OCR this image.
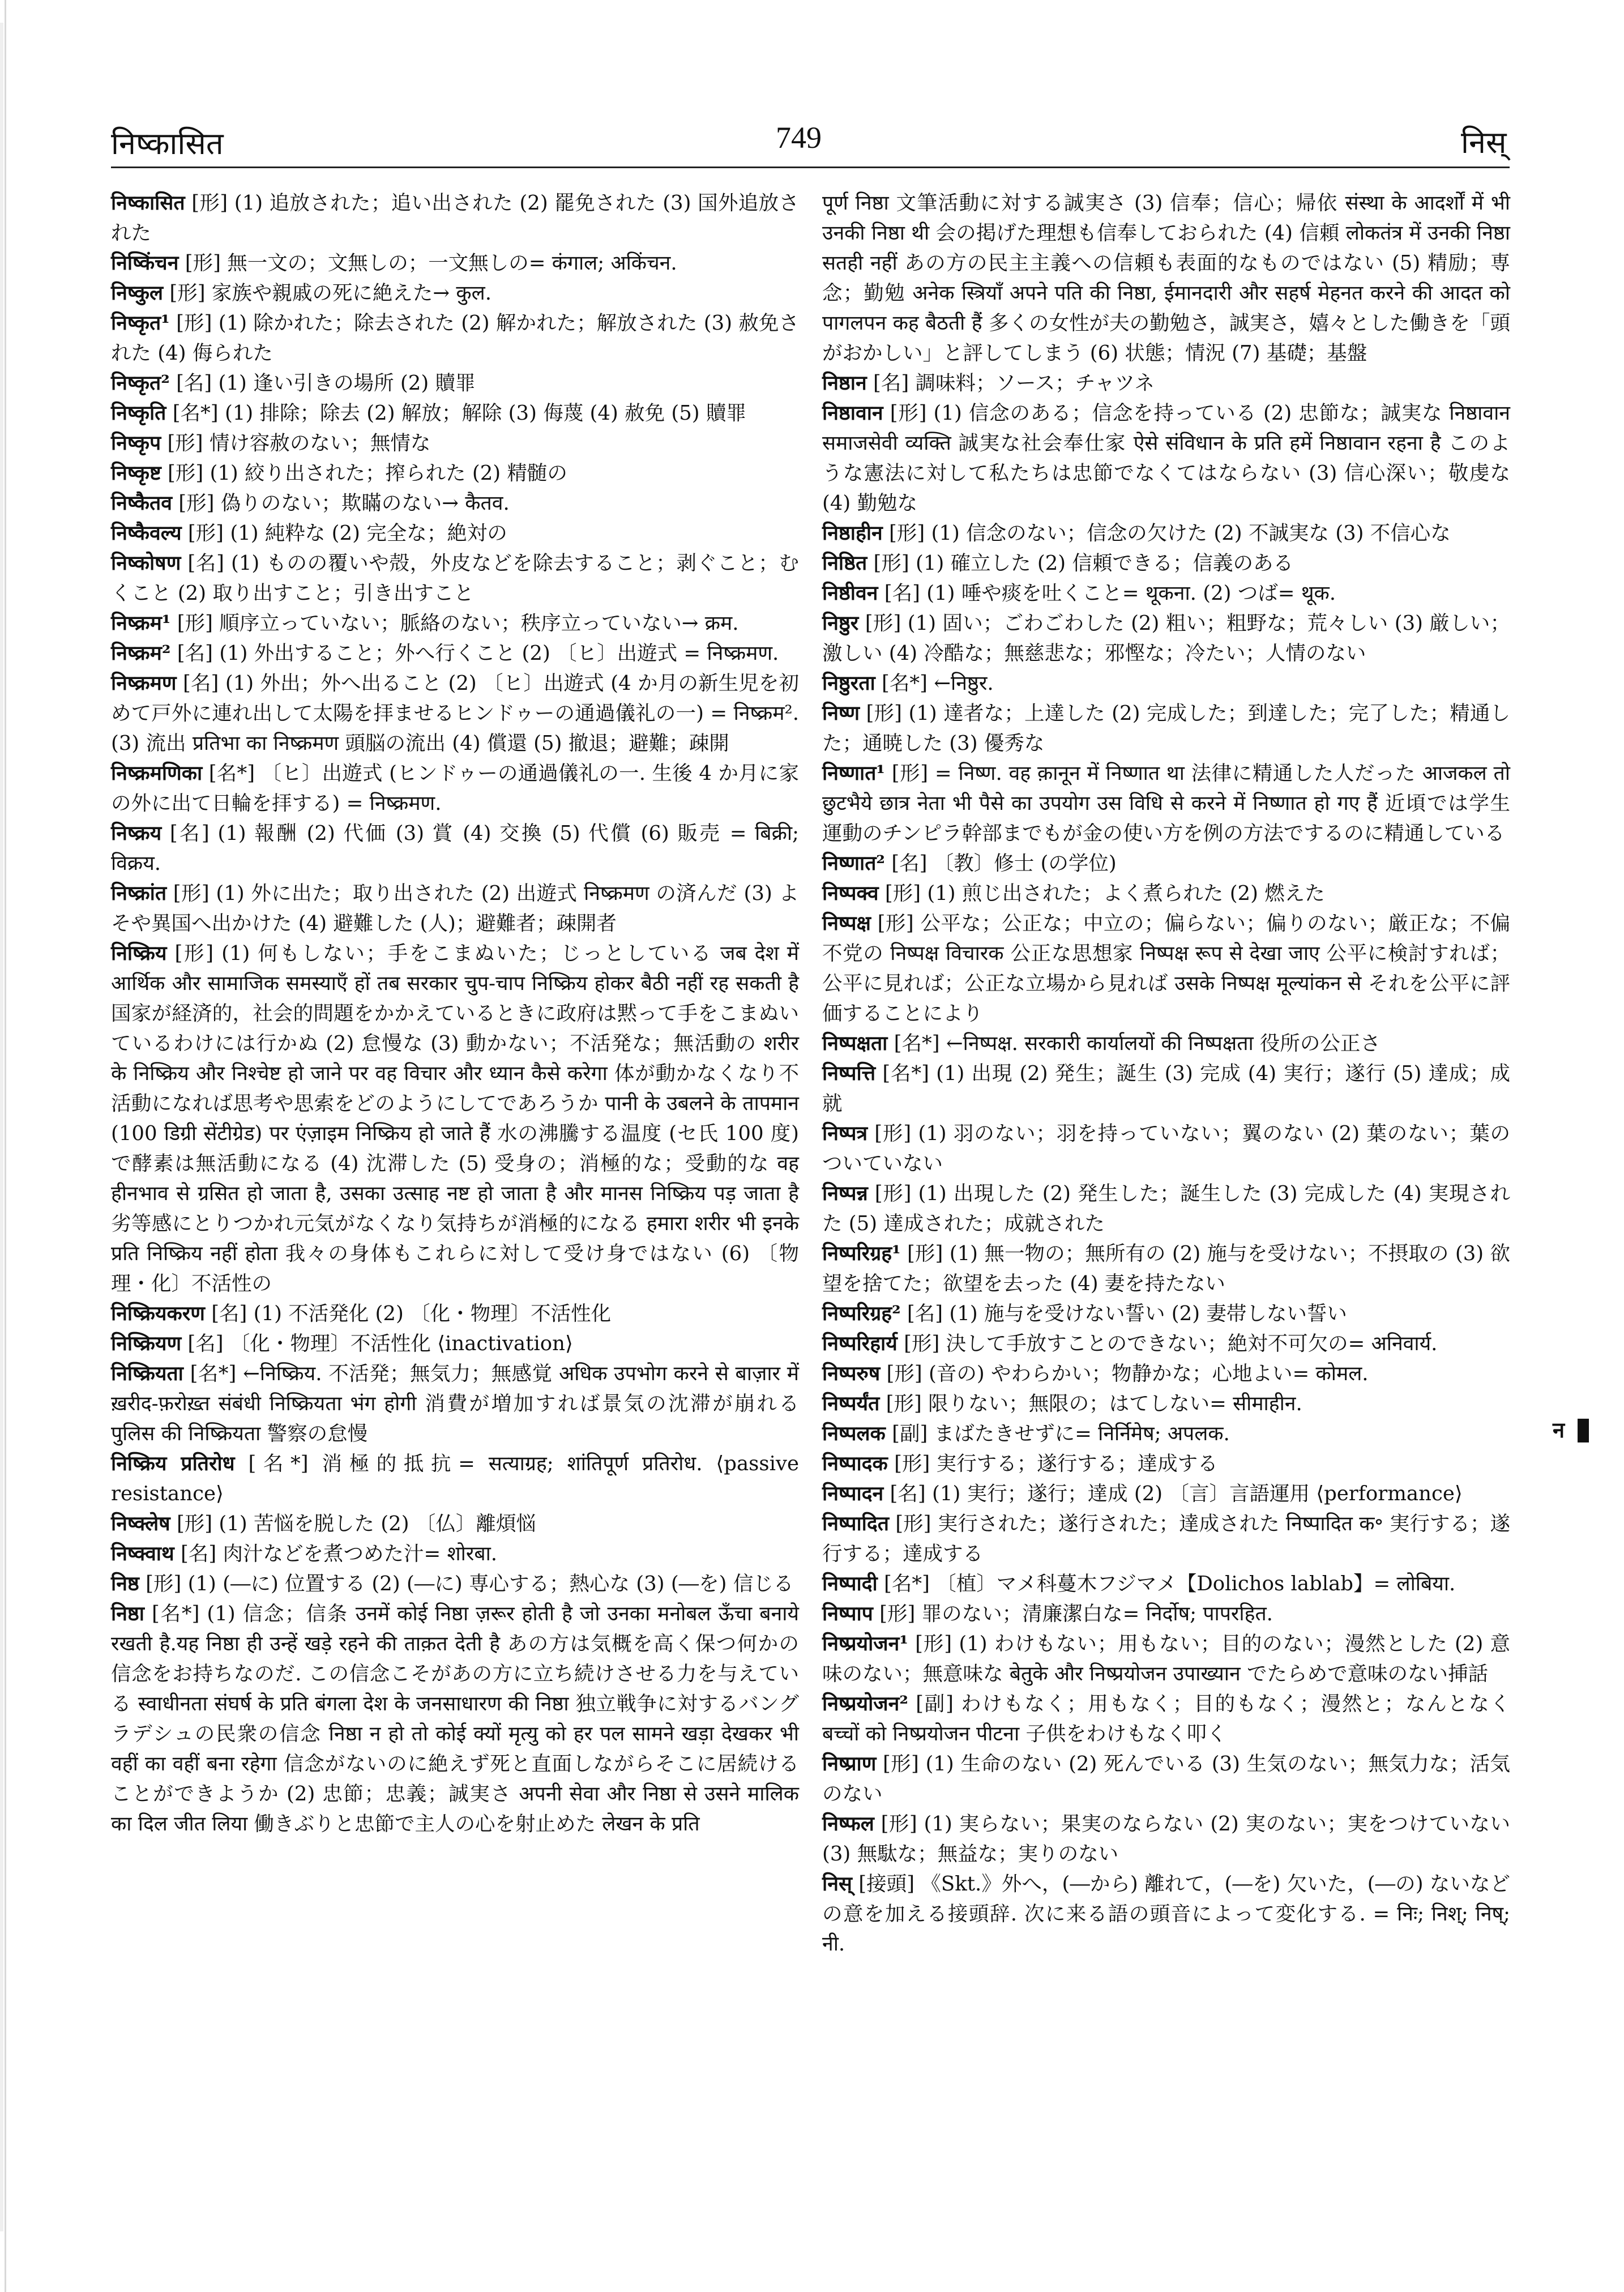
निष्कासित	749	निस्

निष्कासित [形] (1) 追放された；追い出された (2) 罷免された (3) 国外追放された

निष्किंचन [形] 無一文の；文無しの；一文無しの= कंगाल; अकिंचन.

निष्कुल [形] 家族や親戚の死に絶えた→ कुल.

निष्कृत¹ [形] (1) 除かれた；除去された (2) 解かれた；解放された (3) 赦免された (4) 侮られた

निष्कृत² [名] (1) 逢い引きの場所 (2) 贖罪

निष्कृति [名*] (1) 排除；除去 (2) 解放；解除 (3) 侮蔑 (4) 赦免 (5) 贖罪

निष्कृप [形] 情け容赦のない；無情な

निष्कृष्ट [形] (1) 絞り出された；搾られた (2) 精髄の

निष्कैतव [形] 偽りのない；欺瞞のない→ कैतव.

निष्कैवल्य [形] (1) 純粋な (2) 完全な；絶対の

निष्कोषण [名] (1) ものの覆いや殻，外皮などを除去すること；剥ぐこと；むくこと (2) 取り出すこと；引き出すこと

निष्क्रम¹ [形] 順序立っていない；脈絡のない；秩序立っていない→ क्रम.

निष्क्रम² [名] (1) 外出すること；外へ行くこと (2) 〔ヒ〕出遊式 = निष्क्रमण.

निष्क्रमण [名] (1) 外出；外へ出ること (2) 〔ヒ〕出遊式 (4 か月の新生児を初めて戸外に連れ出して太陽を拝ませるヒンドゥーの通過儀礼の一) = निष्क्रम². (3) 流出 प्रतिभा का निष्क्रमण 頭脳の流出 (4) 償還 (5) 撤退；避難；疎開

निष्क्रमणिका [名*] 〔ヒ〕出遊式 (ヒンドゥーの通過儀礼の一. 生後 4 か月に家の外に出て日輪を拝する) = निष्क्रमण.

निष्क्रय [名] (1) 報酬 (2) 代価 (3) 賞 (4) 交換 (5) 代償 (6) 販売 = बिक्री; विक्रय.

निष्क्रांत [形] (1) 外に出た；取り出された (2) 出遊式 निष्क्रमण の済んだ (3) よそや異国へ出かけた (4) 避難した (人)；避難者；疎開者

निष्क्रिय [形] (1) 何もしない；手をこまぬいた；じっとしている जब देश में आर्थिक और सामाजिक समस्याएँ हों तब सरकार चुप-चाप निष्क्रिय होकर बैठी नहीं रह सकती है 国家が経済的，社会的問題をかかえているときに政府は黙って手をこまぬいているわけには行かぬ (2) 怠慢な (3) 動かない；不活発な；無活動の शरीर के निष्क्रिय और निश्चेष्ट हो जाने पर वह विचार और ध्यान कैसे करेगा 体が動かなくなり不活動になれば思考や思索をどのようにしてであろうか पानी के उबलने के तापमान (100 डिग्री सेंटीग्रेड) पर एंज़ाइम निष्क्रिय हो जाते हैं 水の沸騰する温度 (セ氏 100 度) で酵素は無活動になる (4) 沈滞した (5) 受身の；消極的な；受動的な वह हीनभाव से ग्रसित हो जाता है, उसका उत्साह नष्ट हो जाता है और मानस निष्क्रिय पड़ जाता है 劣等感にとりつかれ元気がなくなり気持ちが消極的になる हमारा शरीर भी इनके प्रति निष्क्रिय नहीं होता 我々の身体もこれらに対して受け身ではない (6) 〔物理・化〕不活性の

निष्क्रियकरण [名] (1) 不活発化 (2) 〔化・物理〕不活性化

निष्क्रियण [名] 〔化・物理〕不活性化 ⟨inactivation⟩

निष्क्रियता [名*] ←निष्क्रिय. 不活発；無気力；無感覚 अधिक उपभोग करने से बाज़ार में ख़रीद-फ़रोख़्त संबंधी निष्क्रियता भंग होगी 消費が増加すれば景気の沈滞が崩れる पुलिस की निष्क्रियता 警察の怠慢

निष्क्रिय प्रतिरोध [名*] 消極的抵抗= सत्याग्रह; शांतिपूर्ण प्रतिरोध. ⟨passive resistance⟩

निष्क्लेष [形] (1) 苦悩を脱した (2) 〔仏〕離煩悩

निष्क्वाथ [名] 肉汁などを煮つめた汁= शोरबा.

निष्ठ [形] (1) (―に) 位置する (2) (―に) 専心する；熱心な (3) (―を) 信じる

निष्ठा [名*] (1) 信念；信条 उनमें कोई निष्ठा ज़रूर होती है जो उनका मनोबल ऊँचा बनाये रखती है.यह निष्ठा ही उन्हें खड़े रहने की ताक़त देती है あの方は気概を高く保つ何かの信念をお持ちなのだ. この信念こそがあの方に立ち続けさせる力を与えている स्वाधीनता संघर्ष के प्रति बंगला देश के जनसाधारण की निष्ठा 独立戦争に対するバングラデシュの民衆の信念 निष्ठा न हो तो कोई क्यों मृत्यु को हर पल सामने खड़ा देखकर भी वहीं का वहीं बना रहेगा 信念がないのに絶えず死と直面しながらそこに居続けることができようか (2) 忠節；忠義；誠実さ अपनी सेवा और निष्ठा से उसने मालिक का दिल जीत लिया 働きぶりと忠節で主人の心を射止めた लेखन के प्रति

पूर्ण निष्ठा 文筆活動に対する誠実さ (3) 信奉；信心；帰依 संस्था के आदर्शों में भी उनकी निष्ठा थी 会の掲げた理想も信奉しておられた (4) 信頼 लोकतंत्र में उनकी निष्ठा सतही नहीं あの方の民主主義への信頼も表面的なものではない (5) 精励；専念；勤勉 अनेक स्त्रियाँ अपने पति की निष्ठा, ईमानदारी और सहर्ष मेहनत करने की आदत को पागलपन कह बैठती हैं 多くの女性が夫の勤勉さ，誠実さ，嬉々とした働きを「頭がおかしい」と評してしまう (6) 状態；情況 (7) 基礎；基盤

निष्ठान [名] 調味料；ソース；チャツネ

निष्ठावान [形] (1) 信念のある；信念を持っている (2) 忠節な；誠実な निष्ठावान समाजसेवी व्यक्ति 誠実な社会奉仕家 ऐसे संविधान के प्रति हमें निष्ठावान रहना है このような憲法に対して私たちは忠節でなくてはならない (3) 信心深い；敬虔な (4) 勤勉な

निष्ठाहीन [形] (1) 信念のない；信念の欠けた (2) 不誠実な (3) 不信心な

निष्ठित [形] (1) 確立した (2) 信頼できる；信義のある

निष्ठीवन [名] (1) 唾や痰を吐くこと= थूकना. (2) つば= थूक.

निष्ठुर [形] (1) 固い；ごわごわした (2) 粗い；粗野な；荒々しい (3) 厳しい；激しい (4) 冷酷な；無慈悲な；邪慳な；冷たい；人情のない

निष्ठुरता [名*] ←निष्ठुर.

निष्ण [形] (1) 達者な；上達した (2) 完成した；到達した；完了した；精通した；通暁した (3) 優秀な

निष्णात¹ [形] = निष्ण. वह क़ानून में निष्णात था 法律に精通した人だった आजकल तो छुटभैये छात्र नेता भी पैसे का उपयोग उस विधि से करने में निष्णात हो गए हैं 近頃では学生運動のチンピラ幹部までもが金の使い方を例の方法でするのに精通している

निष्णात² [名] 〔教〕修士 (の学位)

निष्पक्व [形] (1) 煎じ出された；よく煮られた (2) 燃えた

निष्पक्ष [形] 公平な；公正な；中立の；偏らない；偏りのない；厳正な；不偏不党の निष्पक्ष विचारक 公正な思想家 निष्पक्ष रूप से देखा जाए 公平に検討すれば；公平に見れば；公正な立場から見れば उसके निष्पक्ष मूल्यांकन से それを公平に評価することにより

निष्पक्षता [名*] ←निष्पक्ष. सरकारी कार्यालयों की निष्पक्षता 役所の公正さ

निष्पत्ति [名*] (1) 出現 (2) 発生；誕生 (3) 完成 (4) 実行；遂行 (5) 達成；成就

निष्पत्र [形] (1) 羽のない；羽を持っていない；翼のない (2) 葉のない；葉のついていない

निष्पन्न [形] (1) 出現した (2) 発生した；誕生した (3) 完成した (4) 実現された (5) 達成された；成就された

निष्परिग्रह¹ [形] (1) 無一物の；無所有の (2) 施与を受けない；不摂取の (3) 欲望を捨てた；欲望を去った (4) 妻を持たない

निष्परिग्रह² [名] (1) 施与を受けない誓い (2) 妻帯しない誓い

निष्परिहार्य [形] 決して手放すことのできない；絶対不可欠の= अनिवार्य.

निष्परुष [形] (音の) やわらかい；物静かな；心地よい= कोमल.

निष्पर्यंत [形] 限りない；無限の；はてしない= सीमाहीन.

निष्पलक [副] まばたきせずに= निर्निमेष; अपलक.

निष्पादक [形] 実行する；遂行する；達成する

निष्पादन [名] (1) 実行；遂行；達成 (2) 〔言〕言語運用 ⟨performance⟩

निष्पादित [形] 実行された；遂行された；達成された निष्पादित क॰ 実行する；遂行する；達成する

निष्पादी [名*] 〔植〕マメ科蔓木フジマメ【Dolichos lablab】= लोबिया.

निष्पाप [形] 罪のない；清廉潔白な= निर्दोष; पापरहित.

निष्प्रयोजन¹ [形] (1) わけもない；用もない；目的のない；漫然とした (2) 意味のない；無意味な बेतुके और निष्प्रयोजन उपाख्यान でたらめで意味のない挿話

निष्प्रयोजन² [副] わけもなく；用もなく；目的もなく；漫然と；なんとなく बच्चों को निष्प्रयोजन पीटना 子供をわけもなく叩く

निष्प्राण [形] (1) 生命のない (2) 死んでいる (3) 生気のない；無気力な；活気のない

निष्फल [形] (1) 実らない；果実のならない (2) 実のない；実をつけていない (3) 無駄な；無益な；実りのない

निस् [接頭] 《Skt.》外へ，(―から) 離れて，(―を) 欠いた，(―の) ないなどの意を加える接頭辞. 次に来る語の頭音によって変化する. = निः; निश्; निष्; नी.

न
